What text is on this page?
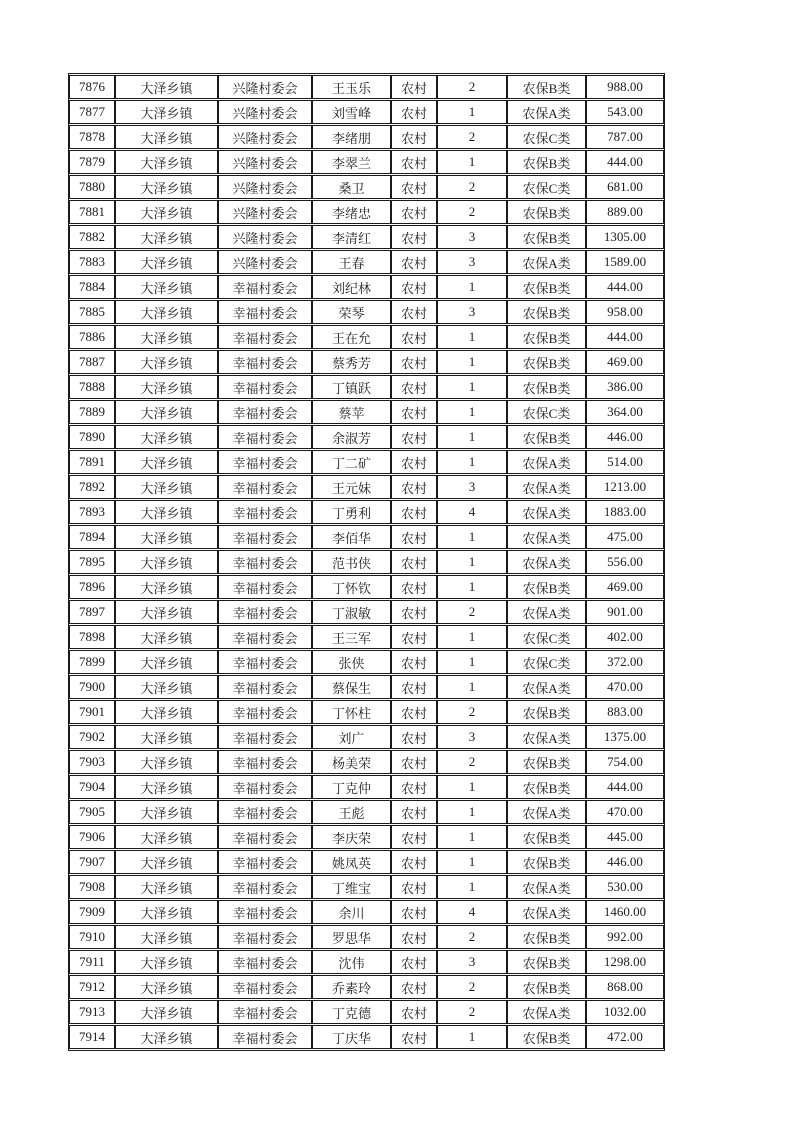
7876	大泽乡镇	兴隆村委会	王玉乐	农村	2	农保B类	988.00
7877	大泽乡镇	兴隆村委会	刘雪峰	农村	1	农保A类	543.00
7878	大泽乡镇	兴隆村委会	李绪朋	农村	2	农保C类	787.00
7879	大泽乡镇	兴隆村委会	李翠兰	农村	1	农保B类	444.00
7880	大泽乡镇	兴隆村委会	桑卫	农村	2	农保C类	681.00
7881	大泽乡镇	兴隆村委会	李绪忠	农村	2	农保B类	889.00
7882	大泽乡镇	兴隆村委会	李清红	农村	3	农保B类	1305.00
7883	大泽乡镇	兴隆村委会	王春	农村	3	农保A类	1589.00
7884	大泽乡镇	幸福村委会	刘纪林	农村	1	农保B类	444.00
7885	大泽乡镇	幸福村委会	荣琴	农村	3	农保B类	958.00
7886	大泽乡镇	幸福村委会	王在允	农村	1	农保B类	444.00
7887	大泽乡镇	幸福村委会	蔡秀芳	农村	1	农保B类	469.00
7888	大泽乡镇	幸福村委会	丁镇跃	农村	1	农保B类	386.00
7889	大泽乡镇	幸福村委会	蔡苹	农村	1	农保C类	364.00
7890	大泽乡镇	幸福村委会	余淑芳	农村	1	农保B类	446.00
7891	大泽乡镇	幸福村委会	丁二矿	农村	1	农保A类	514.00
7892	大泽乡镇	幸福村委会	王元妹	农村	3	农保A类	1213.00
7893	大泽乡镇	幸福村委会	丁勇利	农村	4	农保A类	1883.00
7894	大泽乡镇	幸福村委会	李佰华	农村	1	农保A类	475.00
7895	大泽乡镇	幸福村委会	范书侠	农村	1	农保A类	556.00
7896	大泽乡镇	幸福村委会	丁怀钦	农村	1	农保B类	469.00
7897	大泽乡镇	幸福村委会	丁淑敏	农村	2	农保A类	901.00
7898	大泽乡镇	幸福村委会	王三军	农村	1	农保C类	402.00
7899	大泽乡镇	幸福村委会	张侠	农村	1	农保C类	372.00
7900	大泽乡镇	幸福村委会	蔡保生	农村	1	农保A类	470.00
7901	大泽乡镇	幸福村委会	丁怀柱	农村	2	农保B类	883.00
7902	大泽乡镇	幸福村委会	刘广	农村	3	农保A类	1375.00
7903	大泽乡镇	幸福村委会	杨美荣	农村	2	农保B类	754.00
7904	大泽乡镇	幸福村委会	丁克仲	农村	1	农保B类	444.00
7905	大泽乡镇	幸福村委会	王彪	农村	1	农保A类	470.00
7906	大泽乡镇	幸福村委会	李庆荣	农村	1	农保B类	445.00
7907	大泽乡镇	幸福村委会	姚凤英	农村	1	农保B类	446.00
7908	大泽乡镇	幸福村委会	丁维宝	农村	1	农保A类	530.00
7909	大泽乡镇	幸福村委会	余川	农村	4	农保A类	1460.00
7910	大泽乡镇	幸福村委会	罗思华	农村	2	农保B类	992.00
7911	大泽乡镇	幸福村委会	沈伟	农村	3	农保B类	1298.00
7912	大泽乡镇	幸福村委会	乔素玲	农村	2	农保B类	868.00
7913	大泽乡镇	幸福村委会	丁克德	农村	2	农保A类	1032.00
7914	大泽乡镇	幸福村委会	丁庆华	农村	1	农保B类	472.00
